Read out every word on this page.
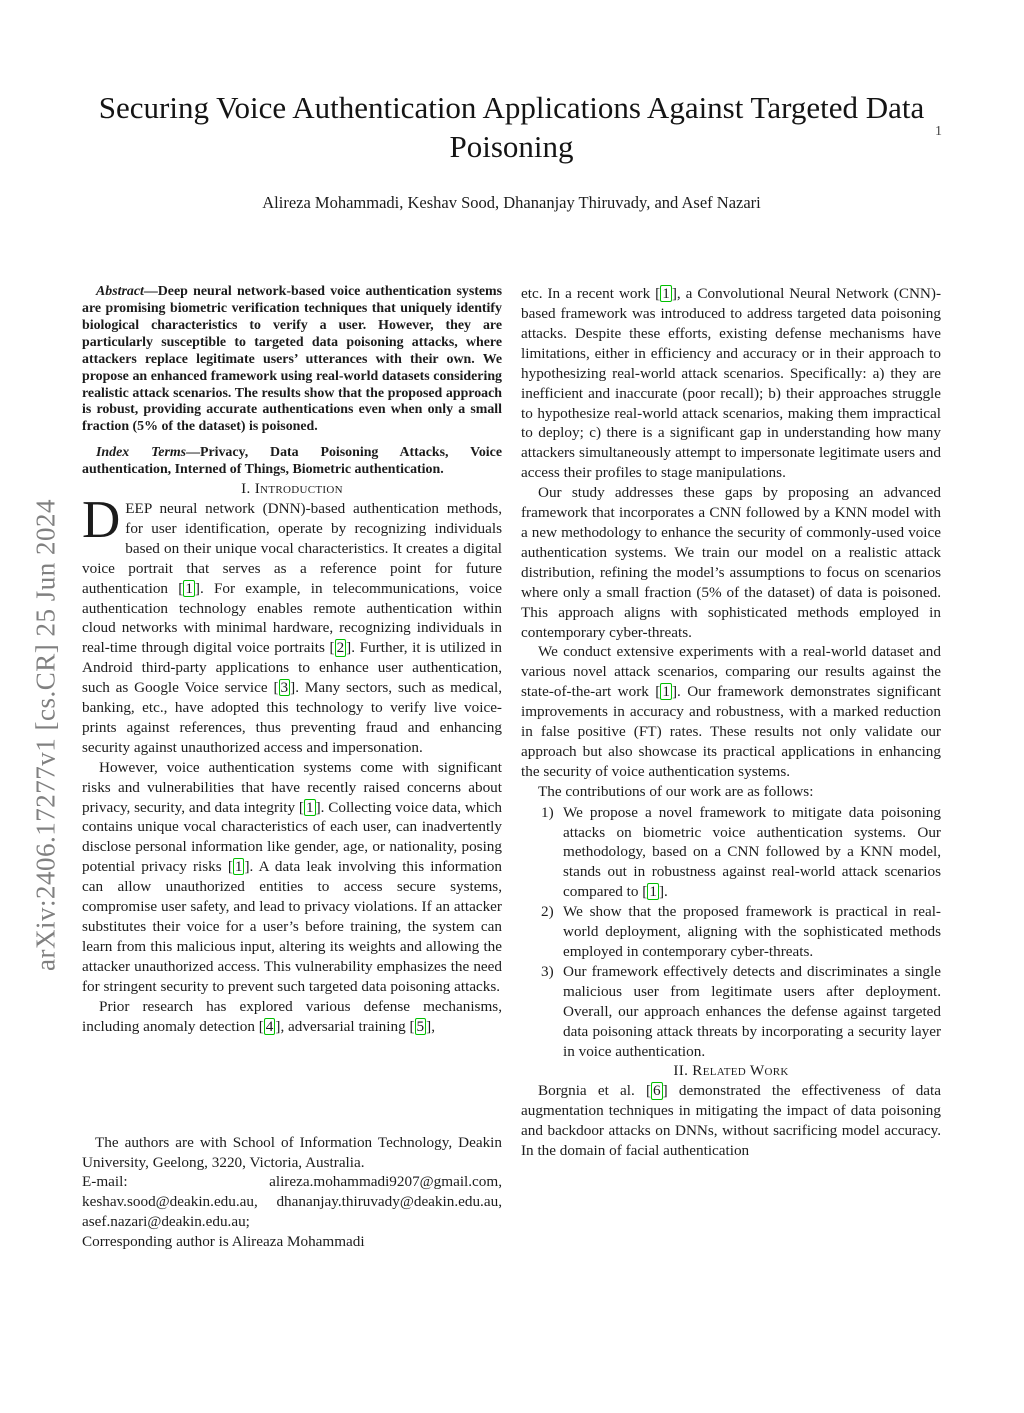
1
arXiv:2406.17277v1 [cs.CR] 25 Jun 2024
Securing Voice Authentication Applications Against Targeted Data Poisoning
Alireza Mohammadi, Keshav Sood, Dhananjay Thiruvady, and Asef Nazari

Abstract—Deep neural network-based voice authentication systems are promising biometric verification techniques that uniquely identify biological characteristics to verify a user. However, they are particularly susceptible to targeted data poisoning attacks, where attackers replace legitimate users’ utterances with their own. We propose an enhanced framework using real-world datasets considering realistic attack scenarios. The results show that the proposed approach is robust, providing accurate authentications even when only a small fraction (5% of the dataset) is poisoned.

Index Terms—Privacy, Data Poisoning Attacks, Voice authentication, Interned of Things, Biometric authentication.

I. Introduction

DEEP neural network (DNN)-based authentication methods, for user identification, operate by recognizing individuals based on their unique vocal characteristics. It creates a digital voice portrait that serves as a reference point for future authentication [ 1 ]. For example, in telecommunications, voice authentication technology enables remote authentication within cloud networks with minimal hardware, recognizing individuals in real-time through digital voice portraits [ 2 ]. Further, it is utilized in Android third-party applications to enhance user authentication, such as Google Voice service [ 3 ]. Many sectors, such as medical, banking, etc., have adopted this technology to verify live voice-prints against references, thus preventing fraud and enhancing security against unauthorized access and impersonation.

However, voice authentication systems come with significant risks and vulnerabilities that have recently raised concerns about privacy, security, and data integrity [ 1 ]. Collecting voice data, which contains unique vocal characteristics of each user, can inadvertently disclose personal information like gender, age, or nationality, posing potential privacy risks [ 1 ]. A data leak involving this information can allow unauthorized entities to access secure systems, compromise user safety, and lead to privacy violations. If an attacker substitutes their voice for a user’s before training, the system can learn from this malicious input, altering its weights and allowing the attacker unauthorized access. This vulnerability emphasizes the need for stringent security to prevent such targeted data poisoning attacks.

Prior research has explored various defense mechanisms, including anomaly detection [ 4 ], adversarial training [ 5 ],

The authors are with School of Information Technology, Deakin University, Geelong, 3220, Victoria, Australia.

E-mail: alireza.mohammadi9207@gmail.com, keshav.sood@deakin.edu.au, dhananjay.thiruvady@deakin.edu.au, asef.nazari@deakin.edu.au;

Corresponding author is Alireaza Mohammadi

etc. In a recent work [ 1 ], a Convolutional Neural Network (CNN)-based framework was introduced to address targeted data poisoning attacks. Despite these efforts, existing defense mechanisms have limitations, either in efficiency and accuracy or in their approach to hypothesizing real-world attack scenarios. Specifically: a) they are inefficient and inaccurate (poor recall); b) their approaches struggle to hypothesize real-world attack scenarios, making them impractical to deploy; c) there is a significant gap in understanding how many attackers simultaneously attempt to impersonate legitimate users and access their profiles to stage manipulations.

Our study addresses these gaps by proposing an advanced framework that incorporates a CNN followed by a KNN model with a new methodology to enhance the security of commonly-used voice authentication systems. We train our model on a realistic attack distribution, refining the model’s assumptions to focus on scenarios where only a small fraction (5% of the dataset) of data is poisoned. This approach aligns with sophisticated methods employed in contemporary cyber-threats.

We conduct extensive experiments with a real-world dataset and various novel attack scenarios, comparing our results against the state-of-the-art work [ 1 ]. Our framework demonstrates significant improvements in accuracy and robustness, with a marked reduction in false positive (FT) rates. These results not only validate our approach but also showcase its practical applications in enhancing the security of voice authentication systems.

The contributions of our work are as follows:

1) We propose a novel framework to mitigate data poisoning attacks on biometric voice authentication systems. Our methodology, based on a CNN followed by a KNN model, stands out in robustness against real-world attack scenarios compared to [ 1 ].
2) We show that the proposed framework is practical in real-world deployment, aligning with the sophisticated methods employed in contemporary cyber-threats.
3) Our framework effectively detects and discriminates a single malicious user from legitimate users after deployment. Overall, our approach enhances the defense against targeted data poisoning attack threats by incorporating a security layer in voice authentication.

II. Related Work

Borgnia et al. [ 6 ] demonstrated the effectiveness of data augmentation techniques in mitigating the impact of data poisoning and backdoor attacks on DNNs, without sacrificing model accuracy. In the domain of facial authentication
